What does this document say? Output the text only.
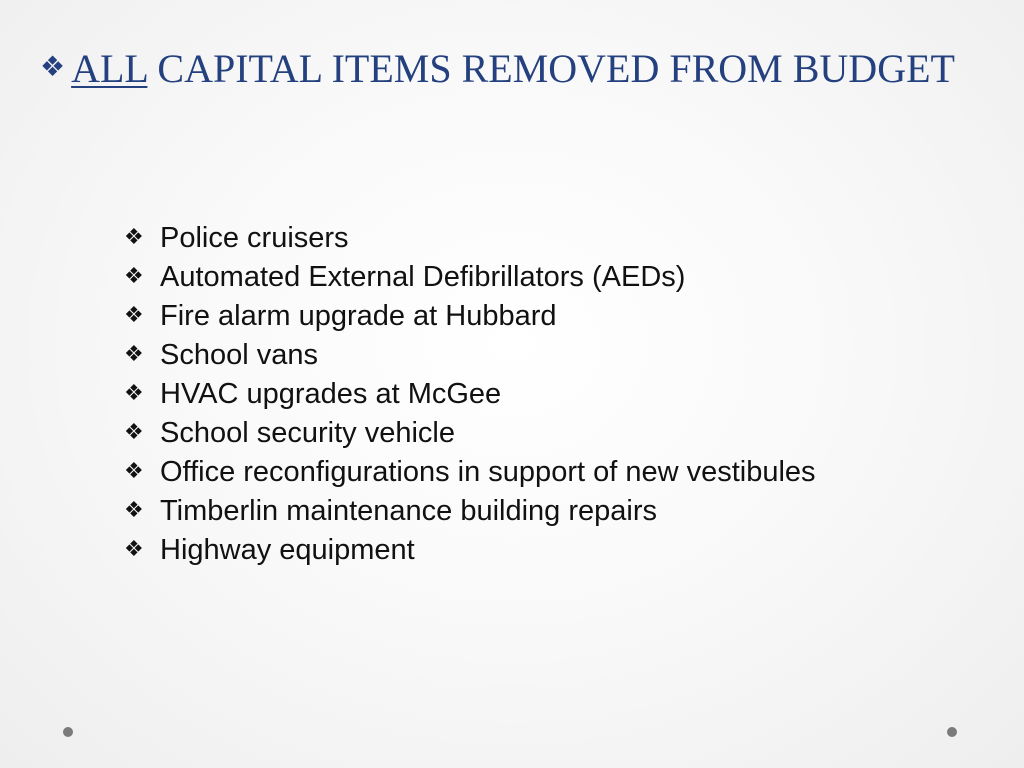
❖ ALL CAPITAL ITEMS REMOVED FROM BUDGET
❖ Police cruisers
❖ Automated External Defibrillators (AEDs)
❖ Fire alarm upgrade at Hubbard
❖ School vans
❖ HVAC upgrades at McGee
❖ School security vehicle
❖ Office reconfigurations in support of new vestibules
❖ Timberlin maintenance building repairs
❖ Highway equipment
